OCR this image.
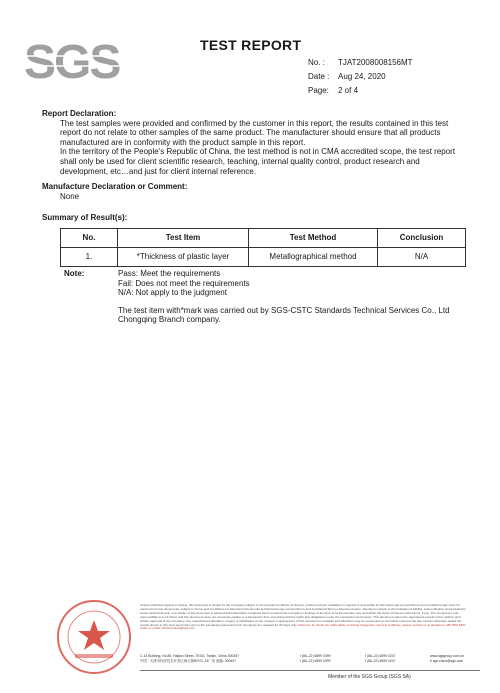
SGS	TEST REPORT
No. :	TJAT2008008156MT
Date :	Aug 24, 2020
Page:	2 of 4
Report Declaration:
The test samples were provided and confirmed by the customer in this report, the results contained in this test report do not relate to other samples of the same product. The manufacturer should ensure that all products manufactured are in conformity with the product sample in this report.
In the territory of the People's Republic of China, the test method is not in CMA accredited scope, the test report shall only be used for client scientific research, teaching, internal quality control, product research and development, etc…and just for client internal reference.
Manufacture Declaration or Comment:
None
Summary of Result(s):
No.	Test Item	Test Method	Conclusion
1.	*Thickness of plastic layer	Metallographical method	N/A
Note:	Pass: Meet the requirements
Fail: Does not meet the requirements
N/A: Not apply to the judgment
The test item with*mark was carried out by SGS-CSTC Standards Technical Services Co., Ltd Chongqing Branch company.
Unless otherwise agreed in writing, this document is issued by the Company subject to its General Conditions of Service printed overleaf, available on request or accessible at http://www.sgs.com/en/Terms-and-Conditions.aspx and, for electronic format documents, subject to Terms and Conditions for Electronic Documents at http://www.sgs.com/en/Terms-and-Conditions/Terms-e-Document.aspx. Attention is drawn to the limitation of liability, indemnification and jurisdiction issues defined therein. Any holder of this document is advised that information contained hereon reflects the Company's findings at the time of its intervention only and within the limits of Client's instructions, if any. The Company's sole responsibility is to its Client and this document does not exonerate parties to a transaction from exercising all their rights and obligations under the transaction documents. This document cannot be reproduced except in full, without prior written approval of the Company. Any unauthorized alteration, forgery or falsification of the content or appearance of this document is unlawful and offenders may be prosecuted to the fullest extent of the law. Unless otherwise stated the results shown in this test report refer only to the sample(s) tested and such sample(s) are retained for 90 days only. Attention: To check the authenticity of testing /inspection report & certificate, please contact us at telephone: (86-755) 8307 1443, or email: CN.Doccheck@sgs.com
C-14 Building, No.80, Haijiun Street, TEDA, Tianjin, China 300457	t (86–22) 6599 0399	f (86–22) 6599 0247	www.sgsgroup.com.cn
中国 · 天津市经济技术开发区海云街80号C-14厂房 邮编: 300457	t (86–22) 6599 0399	f (86–22) 6599 0247	e sgs.china@sgs.com
Member of the SGS Group (SGS SA)
